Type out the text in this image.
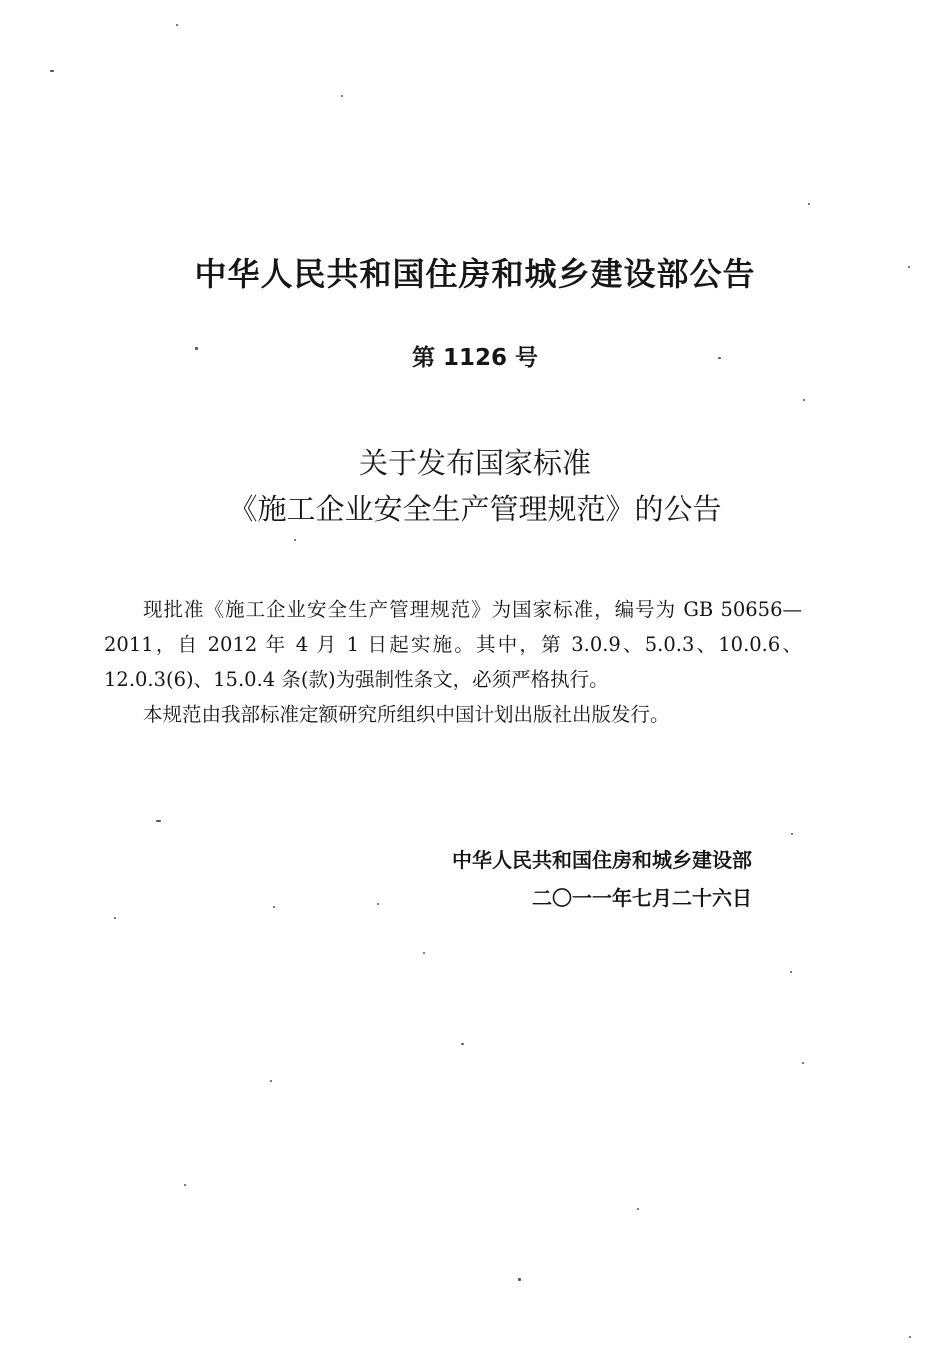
中华人民共和国住房和城乡建设部公告
第 1126 号
关于发布国家标准
《施工企业安全生产管理规范》的公告

现批准《施工企业安全生产管理规范》为国家标准，编号为 GB 50656—2011，自 2012 年 4 月 1 日起实施。其中，第 3.0.9、5.0.3、10.0.6、12.0.3(6)、15.0.4 条(款)为强制性条文，必须严格执行。

本规范由我部标准定额研究所组织中国计划出版社出版发行。

中华人民共和国住房和城乡建设部
二〇一一年七月二十六日
